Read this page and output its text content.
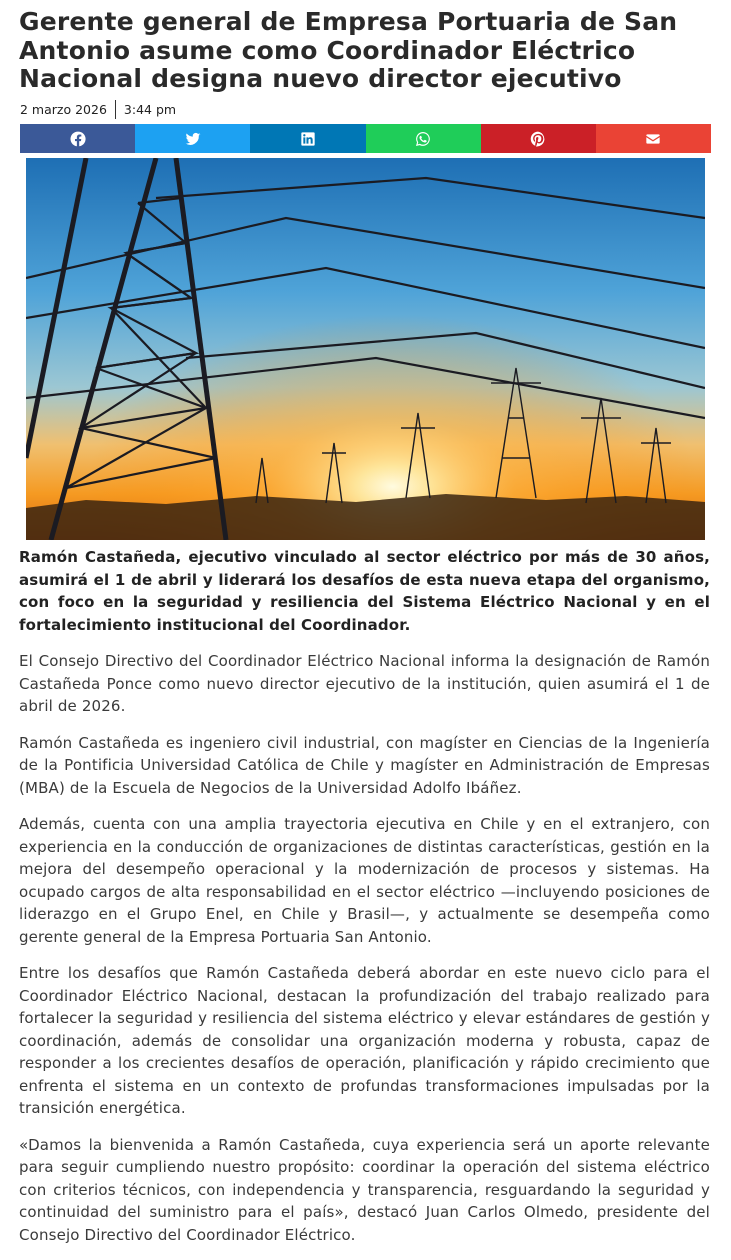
Gerente general de Empresa Portuaria de San Antonio asume como Coordinador Eléctrico Nacional designa nuevo director ejecutivo
2 marzo 2026 3:44 pm

Ramón Castañeda, ejecutivo vinculado al sector eléctrico por más de 30 años, asumirá el 1 de abril y liderará los desafíos de esta nueva etapa del organismo, con foco en la seguridad y resiliencia del Sistema Eléctrico Nacional y en el fortalecimiento institucional del Coordinador.

El Consejo Directivo del Coordinador Eléctrico Nacional informa la designación de Ramón Castañeda Ponce como nuevo director ejecutivo de la institución, quien asumirá el 1 de abril de 2026.

Ramón Castañeda es ingeniero civil industrial, con magíster en Ciencias de la Ingeniería de la Pontificia Universidad Católica de Chile y magíster en Administración de Empresas (MBA) de la Escuela de Negocios de la Universidad Adolfo Ibáñez.

Además, cuenta con una amplia trayectoria ejecutiva en Chile y en el extranjero, con experiencia en la conducción de organizaciones de distintas características, gestión en la mejora del desempeño operacional y la modernización de procesos y sistemas. Ha ocupado cargos de alta responsabilidad en el sector eléctrico —incluyendo posiciones de liderazgo en el Grupo Enel, en Chile y Brasil—, y actualmente se desempeña como gerente general de la Empresa Portuaria San Antonio.

Entre los desafíos que Ramón Castañeda deberá abordar en este nuevo ciclo para el Coordinador Eléctrico Nacional, destacan la profundización del trabajo realizado para fortalecer la seguridad y resiliencia del sistema eléctrico y elevar estándares de gestión y coordinación, además de consolidar una organización moderna y robusta, capaz de responder a los crecientes desafíos de operación, planificación y rápido crecimiento que enfrenta el sistema en un contexto de profundas transformaciones impulsadas por la transición energética.

«Damos la bienvenida a Ramón Castañeda, cuya experiencia será un aporte relevante para seguir cumpliendo nuestro propósito: coordinar la operación del sistema eléctrico con criterios técnicos, con independencia y transparencia, resguardando la seguridad y continuidad del suministro para el país», destacó Juan Carlos Olmedo, presidente del Consejo Directivo del Coordinador Eléctrico.
